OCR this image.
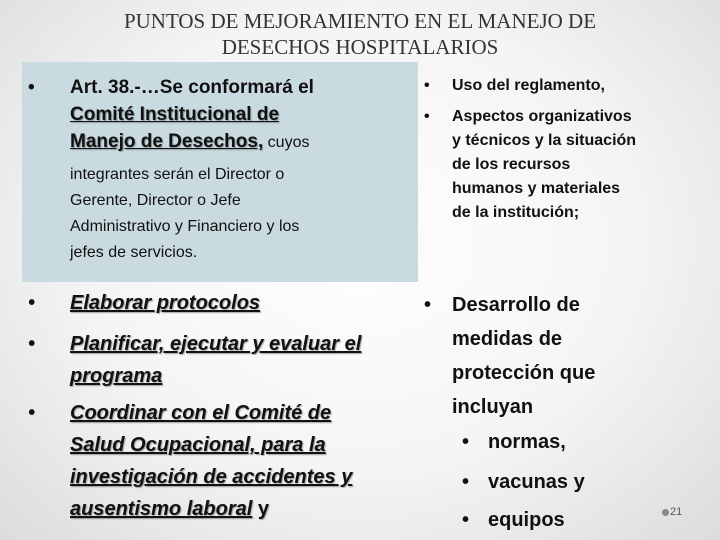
PUNTOS DE MEJORAMIENTO EN EL MANEJO DE
DESECHOS HOSPITALARIOS
• Art. 38.-…Se conformará el
Comité Institucional de
Manejo de Desechos, cuyos
integrantes serán el Director o
Gerente, Director o Jefe
Administrativo y Financiero y los
jefes de servicios.
• Elaborar protocolos
• Planificar, ejecutar y evaluar el
programa
• Coordinar con el Comité de
Salud Ocupacional, para la
investigación de accidentes y
ausentismo laboral y
• Uso del reglamento,
• Aspectos organizativos
y técnicos y la situación
de los recursos
humanos y materiales
de la institución;
• Desarrollo de
medidas de
protección que
incluyan
• normas,
• vacunas y
• equipos	21
